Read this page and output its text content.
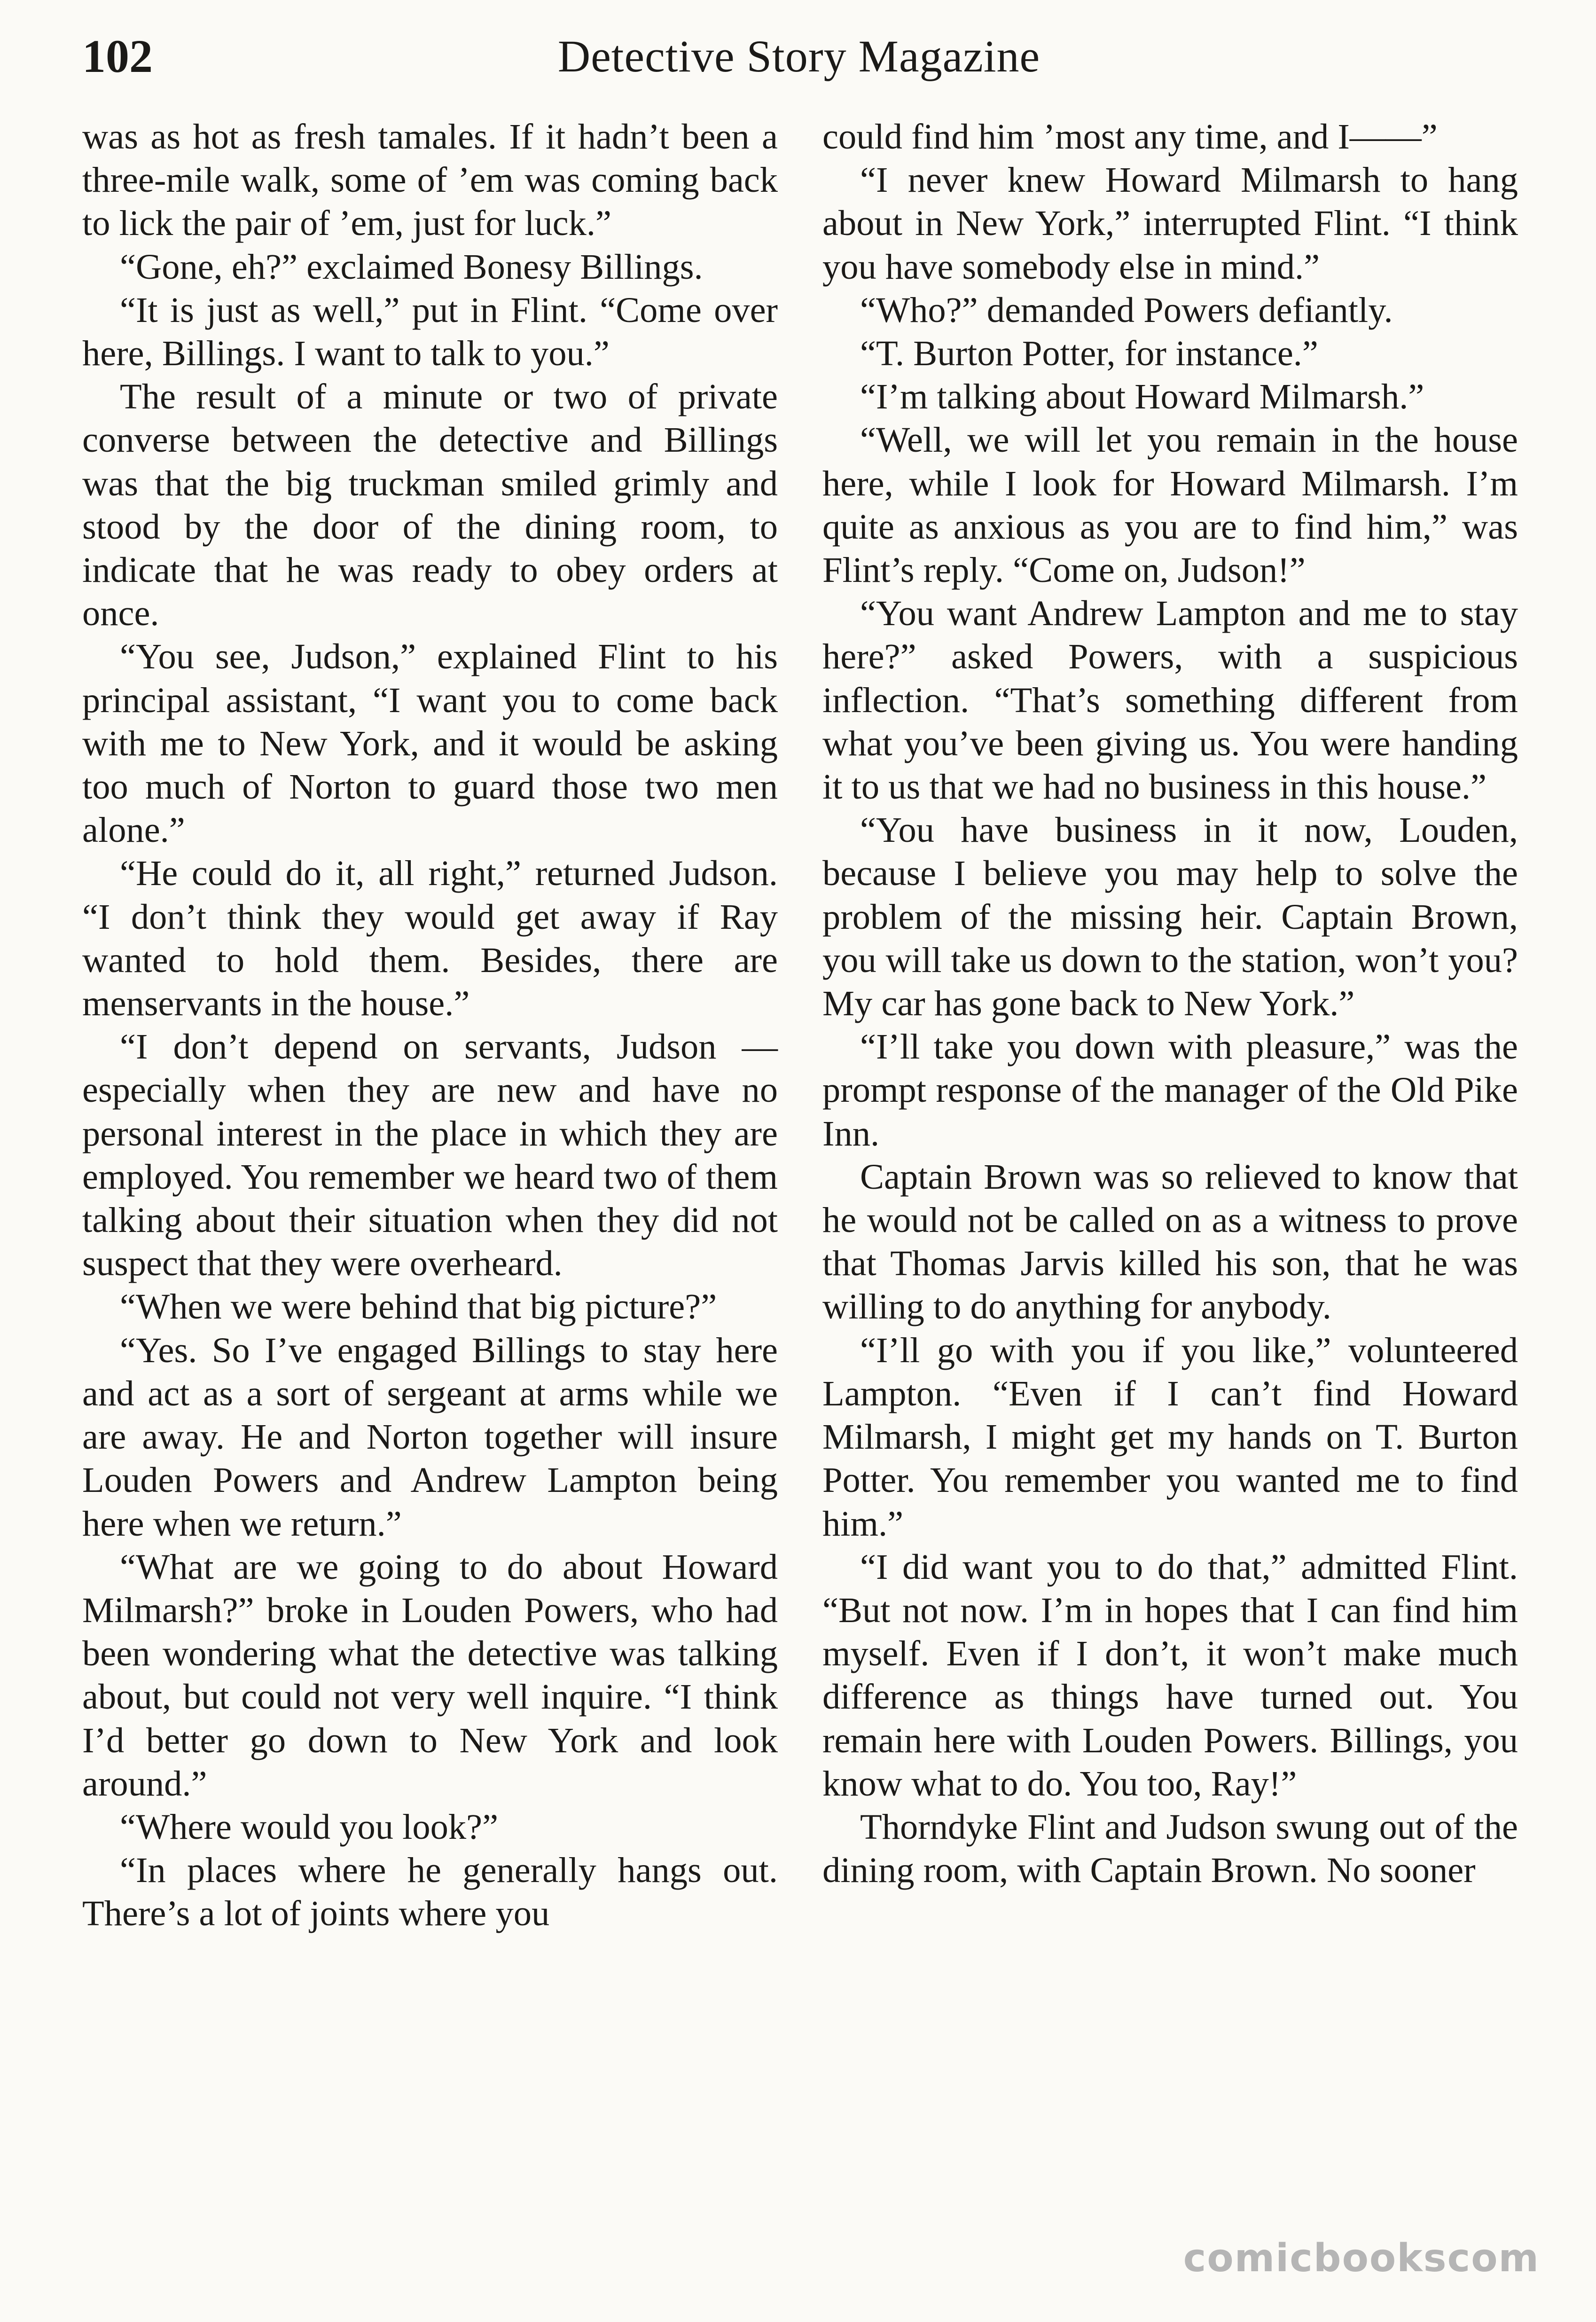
102	Detective Story Magazine

was as hot as fresh tamales. If it hadn’t been a three-mile walk, some of ’em was coming back to lick the pair of ’em, just for luck.”

“Gone, eh?” exclaimed Bonesy Billings.

“It is just as well,” put in Flint. “Come over here, Billings. I want to talk to you.”

The result of a minute or two of private converse between the detective and Billings was that the big truckman smiled grimly and stood by the door of the dining room, to indicate that he was ready to obey orders at once.

“You see, Judson,” explained Flint to his principal assistant, “I want you to come back with me to New York, and it would be asking too much of Norton to guard those two men alone.”

“He could do it, all right,” returned Judson. “I don’t think they would get away if Ray wanted to hold them. Besides, there are menservants in the house.”

“I don’t depend on servants, Judson —especially when they are new and have no personal interest in the place in which they are employed. You remember we heard two of them talking about their situation when they did not suspect that they were overheard.

“When we were behind that big picture?”

“Yes. So I’ve engaged Billings to stay here and act as a sort of sergeant at arms while we are away. He and Norton together will insure Louden Powers and Andrew Lampton being here when we return.”

“What are we going to do about Howard Milmarsh?” broke in Louden Powers, who had been wondering what the detective was talking about, but could not very well inquire. “I think I’d better go down to New York and look around.”

“Where would you look?”

“In places where he generally hangs out. There’s a lot of joints where you

could find him ’most any time, and I——”

“I never knew Howard Milmarsh to hang about in New York,” interrupted Flint. “I think you have somebody else in mind.”

“Who?” demanded Powers defiantly.

“T. Burton Potter, for instance.”

“I’m talking about Howard Milmarsh.”

“Well, we will let you remain in the house here, while I look for Howard Milmarsh. I’m quite as anxious as you are to find him,” was Flint’s reply. “Come on, Judson!”

“You want Andrew Lampton and me to stay here?” asked Powers, with a suspicious inflection. “That’s something different from what you’ve been giving us. You were handing it to us that we had no business in this house.”

“You have business in it now, Louden, because I believe you may help to solve the problem of the missing heir. Captain Brown, you will take us down to the station, won’t you? My car has gone back to New York.”

“I’ll take you down with pleasure,” was the prompt response of the manager of the Old Pike Inn.

Captain Brown was so relieved to know that he would not be called on as a witness to prove that Thomas Jarvis killed his son, that he was willing to do anything for anybody.

“I’ll go with you if you like,” volunteered Lampton. “Even if I can’t find Howard Milmarsh, I might get my hands on T. Burton Potter. You remember you wanted me to find him.”

“I did want you to do that,” admitted Flint. “But not now. I’m in hopes that I can find him myself. Even if I don’t, it won’t make much difference as things have turned out. You remain here with Louden Powers. Billings, you know what to do. You too, Ray!”

Thorndyke Flint and Judson swung out of the dining room, with Captain Brown. No sooner

comicbookscom
